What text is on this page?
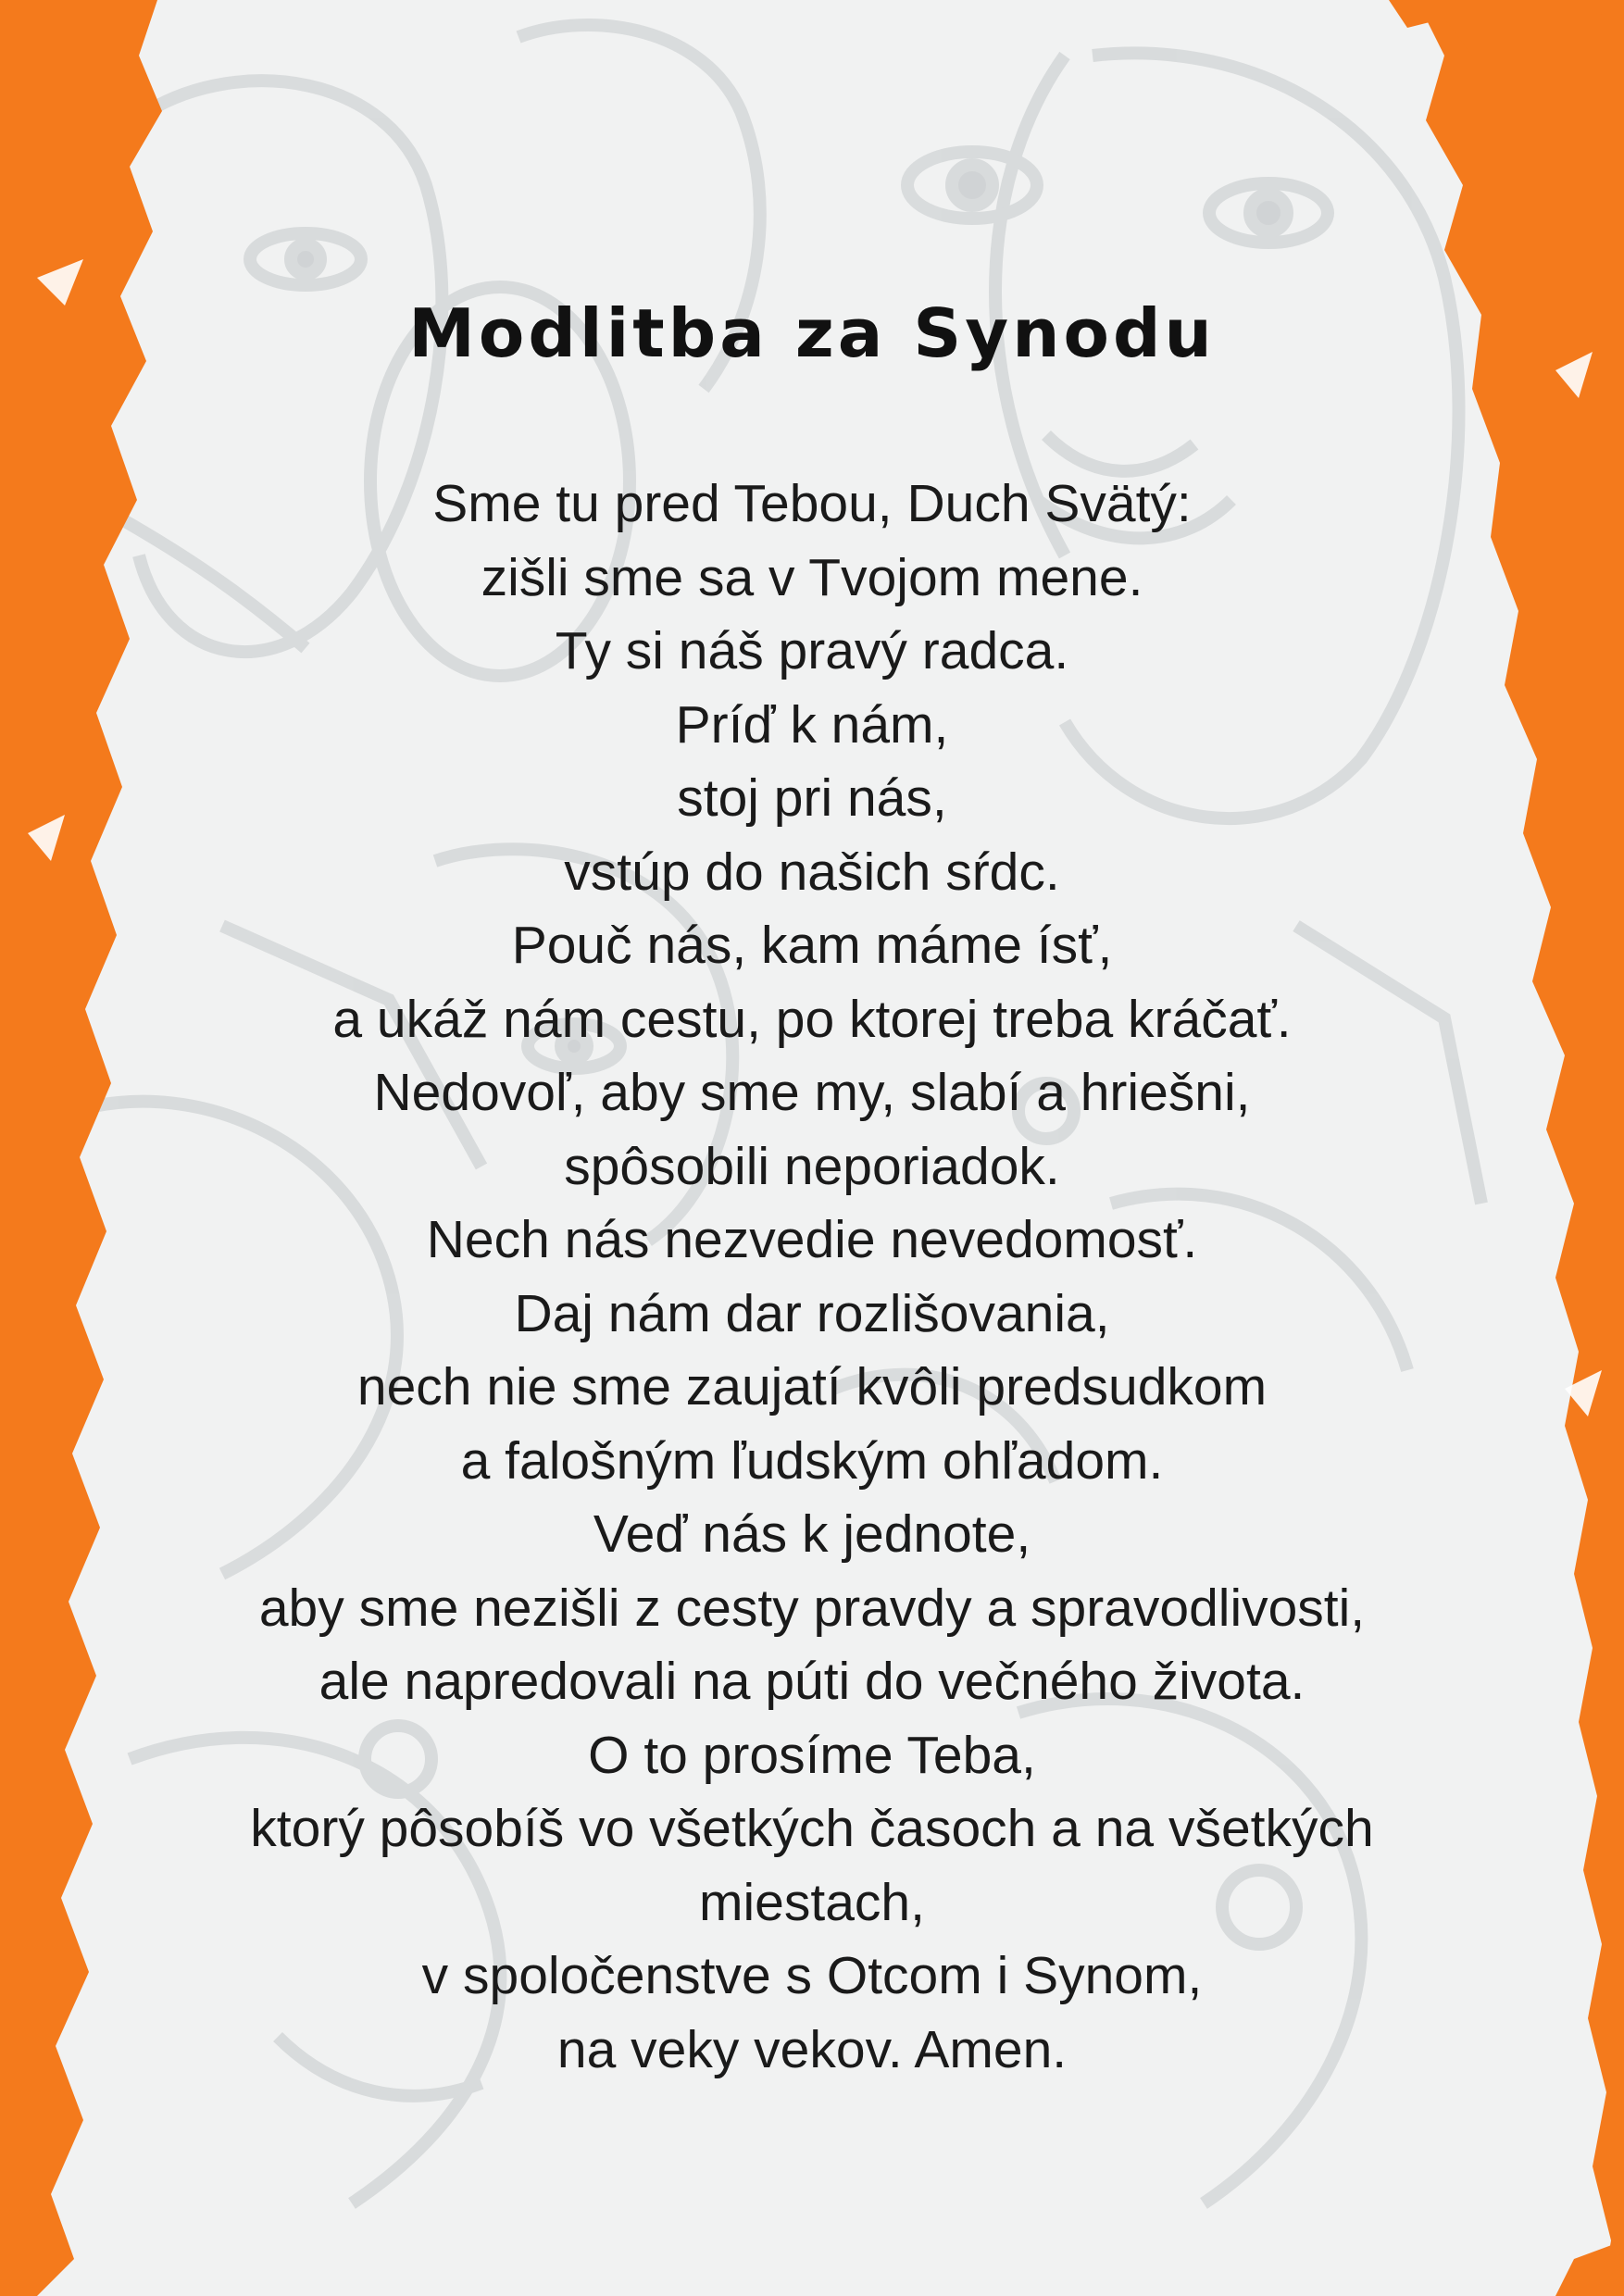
Modlitba za Synodu
Sme tu pred Tebou, Duch Svätý:
zišli sme sa v Tvojom mene.
Ty si náš pravý radca.
Príď k nám,
stoj pri nás,
vstúp do našich sŕdc.
Pouč nás, kam máme ísť,
a ukáž nám cestu, po ktorej treba kráčať.
Nedovoľ, aby sme my, slabí a hriešni,
spôsobili neporiadok.
Nech nás nezvedie nevedomosť.
Daj nám dar rozlišovania,
nech nie sme zaujatí kvôli predsudkom
a falošným ľudským ohľadom.
Veď nás k jednote,
aby sme nezišli z cesty pravdy a spravodlivosti,
ale napredovali na púti do večného života.
O to prosíme Teba,
ktorý pôsobíš vo všetkých časoch a na všetkých
miestach,
v spoločenstve s Otcom i Synom,
na veky vekov. Amen.
